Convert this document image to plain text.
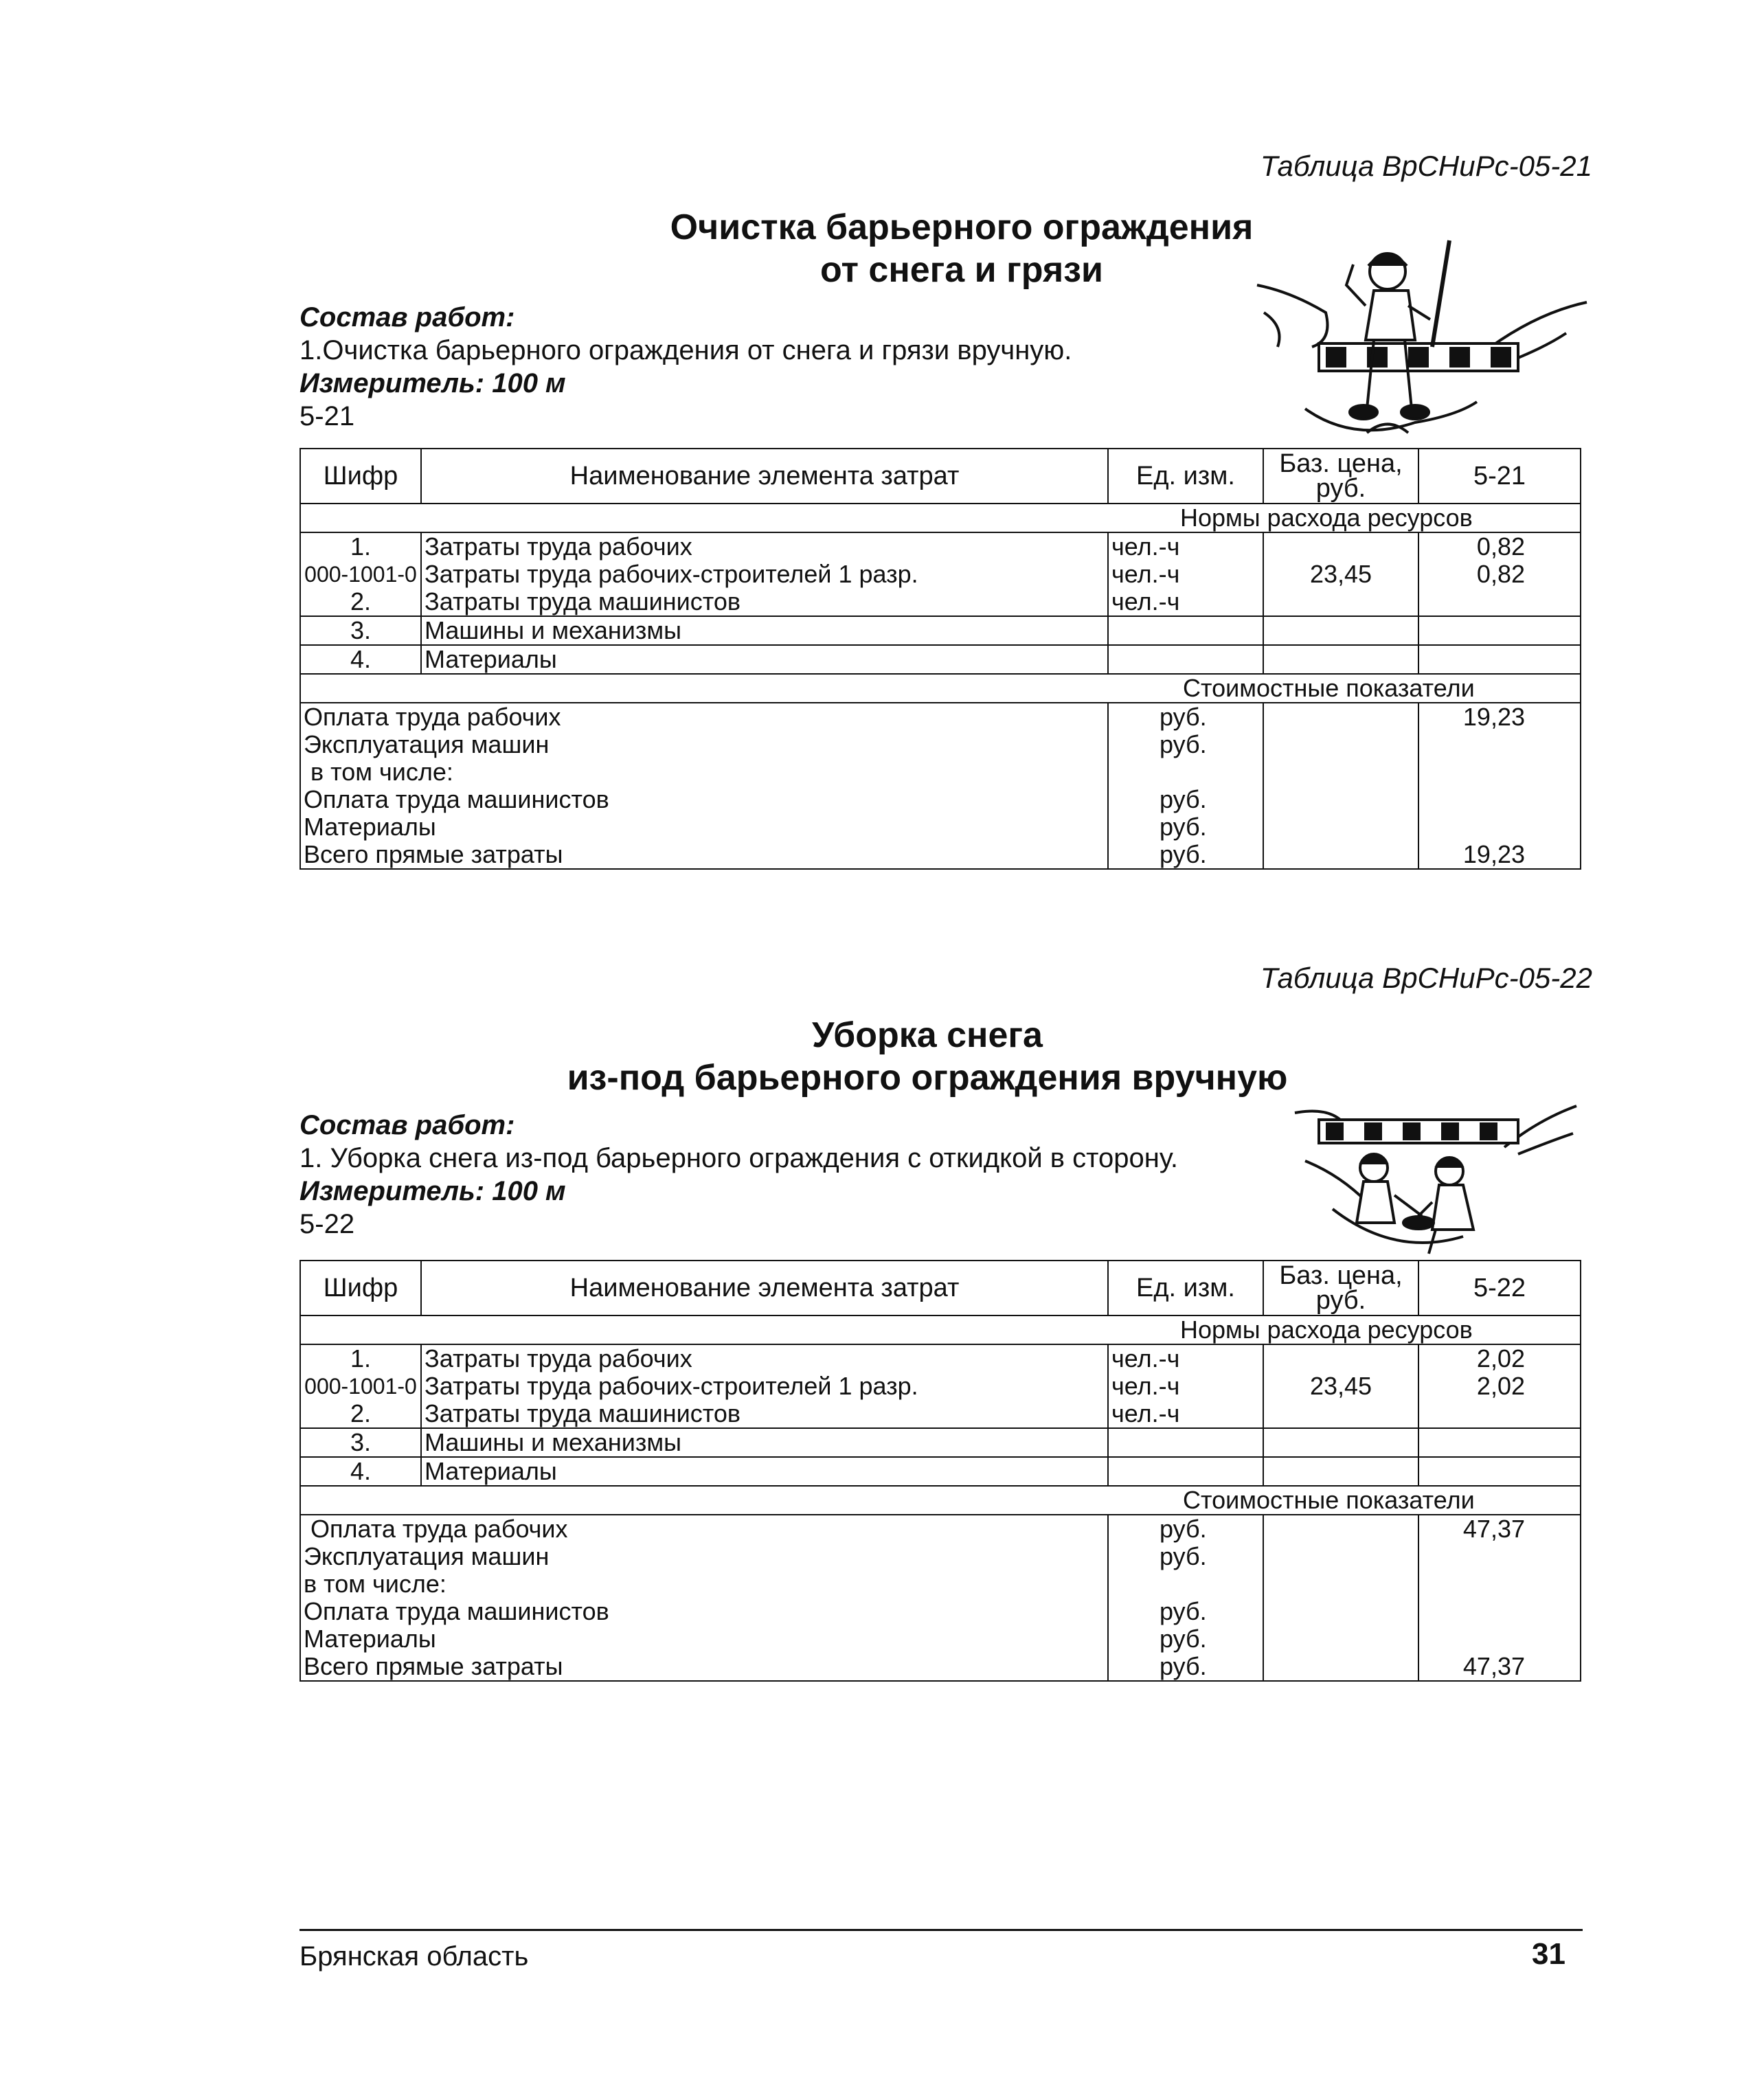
Таблица ВрСНиРс-05-21
Очистка барьерного ограждения
от снега и грязи
Состав работ:
1.Очистка барьерного ограждения от снега и грязи вручную.
Измеритель: 100 м
5-21
Шифр	Наименование элемента затрат	Ед. изм.	Баз. цена,
руб.	5-21
Нормы расхода ресурсов				
1.	Затраты труда рабочих	чел.-ч		0,82
000-1001-0	Затраты труда рабочих-строителей 1 разр.	чел.-ч	23,45	0,82
2.	Затраты труда машинистов	чел.-ч		
3.	Машины и механизмы			
4.	Материалы			
Стоимостные показатели				
Оплата труда рабочих		руб.		19,23
Эксплуатация машин		руб.		
в том числе:				
Оплата труда машинистов		руб.		
Материалы		руб.		
Всего прямые затраты		руб.		19,23
Таблица ВрСНиРс-05-22
Уборка снега
из-под барьерного ограждения вручную
Состав работ:
1. Уборка снега из-под барьерного ограждения с откидкой в сторону.
Измеритель: 100 м
5-22
Шифр	Наименование элемента затрат	Ед. изм.	Баз. цена,
руб.	5-22
Нормы расхода ресурсов				
1.	Затраты труда рабочих	чел.-ч		2,02
000-1001-0	Затраты труда рабочих-строителей 1 разр.	чел.-ч	23,45	2,02
2.	Затраты труда машинистов	чел.-ч		
3.	Машины и механизмы			
4.	Материалы			
Стоимостные показатели				
Оплата труда рабочих		руб.		47,37
Эксплуатация машин		руб.		
в том числе:				
Оплата труда машинистов		руб.		
Материалы		руб.		
Всего прямые затраты		руб.		47,37
Брянская область	31
